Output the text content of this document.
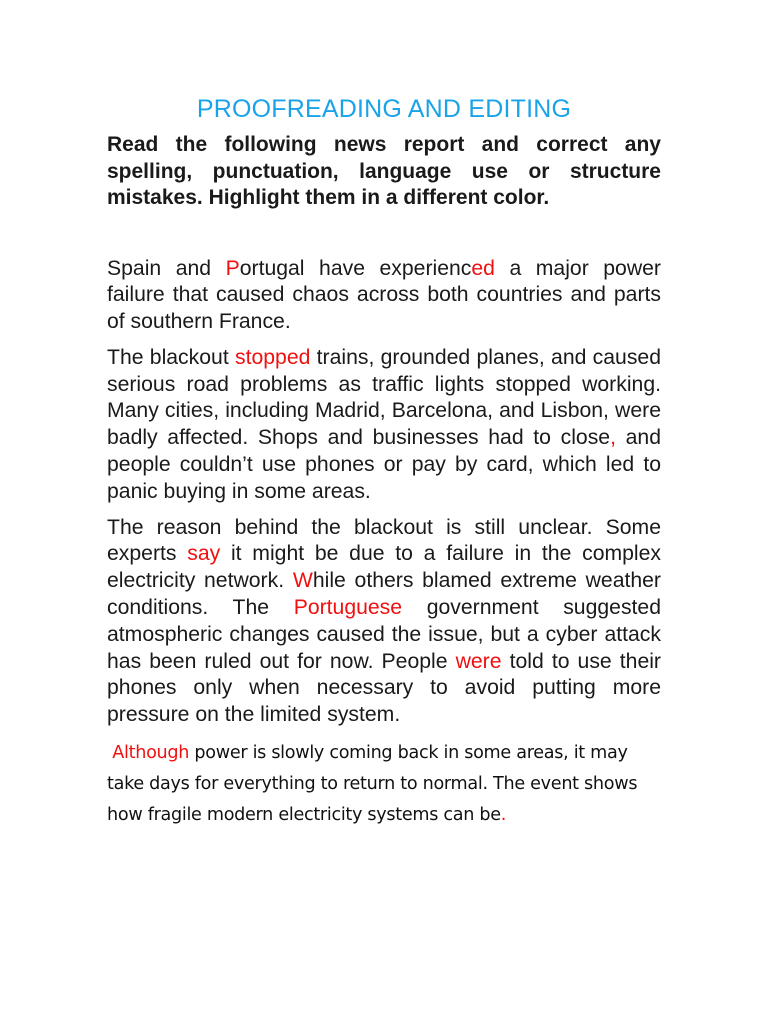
PROOFREADING AND EDITING

Read the following news report and correct any spelling, punctuation, language use or structure mistakes. Highlight them in a different color.

Spain and Portugal have experienced a major power failure that caused chaos across both countries and parts of southern France.

The blackout stopped trains, grounded planes, and caused serious road problems as traffic lights stopped working. Many cities, including Madrid, Barcelona, and Lisbon, were badly affected. Shops and businesses had to close, and people couldn’t use phones or pay by card, which led to panic buying in some areas.

The reason behind the blackout is still unclear. Some experts say it might be due to a failure in the complex electricity network. While others blamed extreme weather conditions. The Portuguese government suggested atmospheric changes caused the issue, but a cyber attack has been ruled out for now. People were told to use their phones only when necessary to avoid putting more pressure on the limited system.

Although power is slowly coming back in some areas, it may take days for everything to return to normal. The event shows how fragile modern electricity systems can be.
